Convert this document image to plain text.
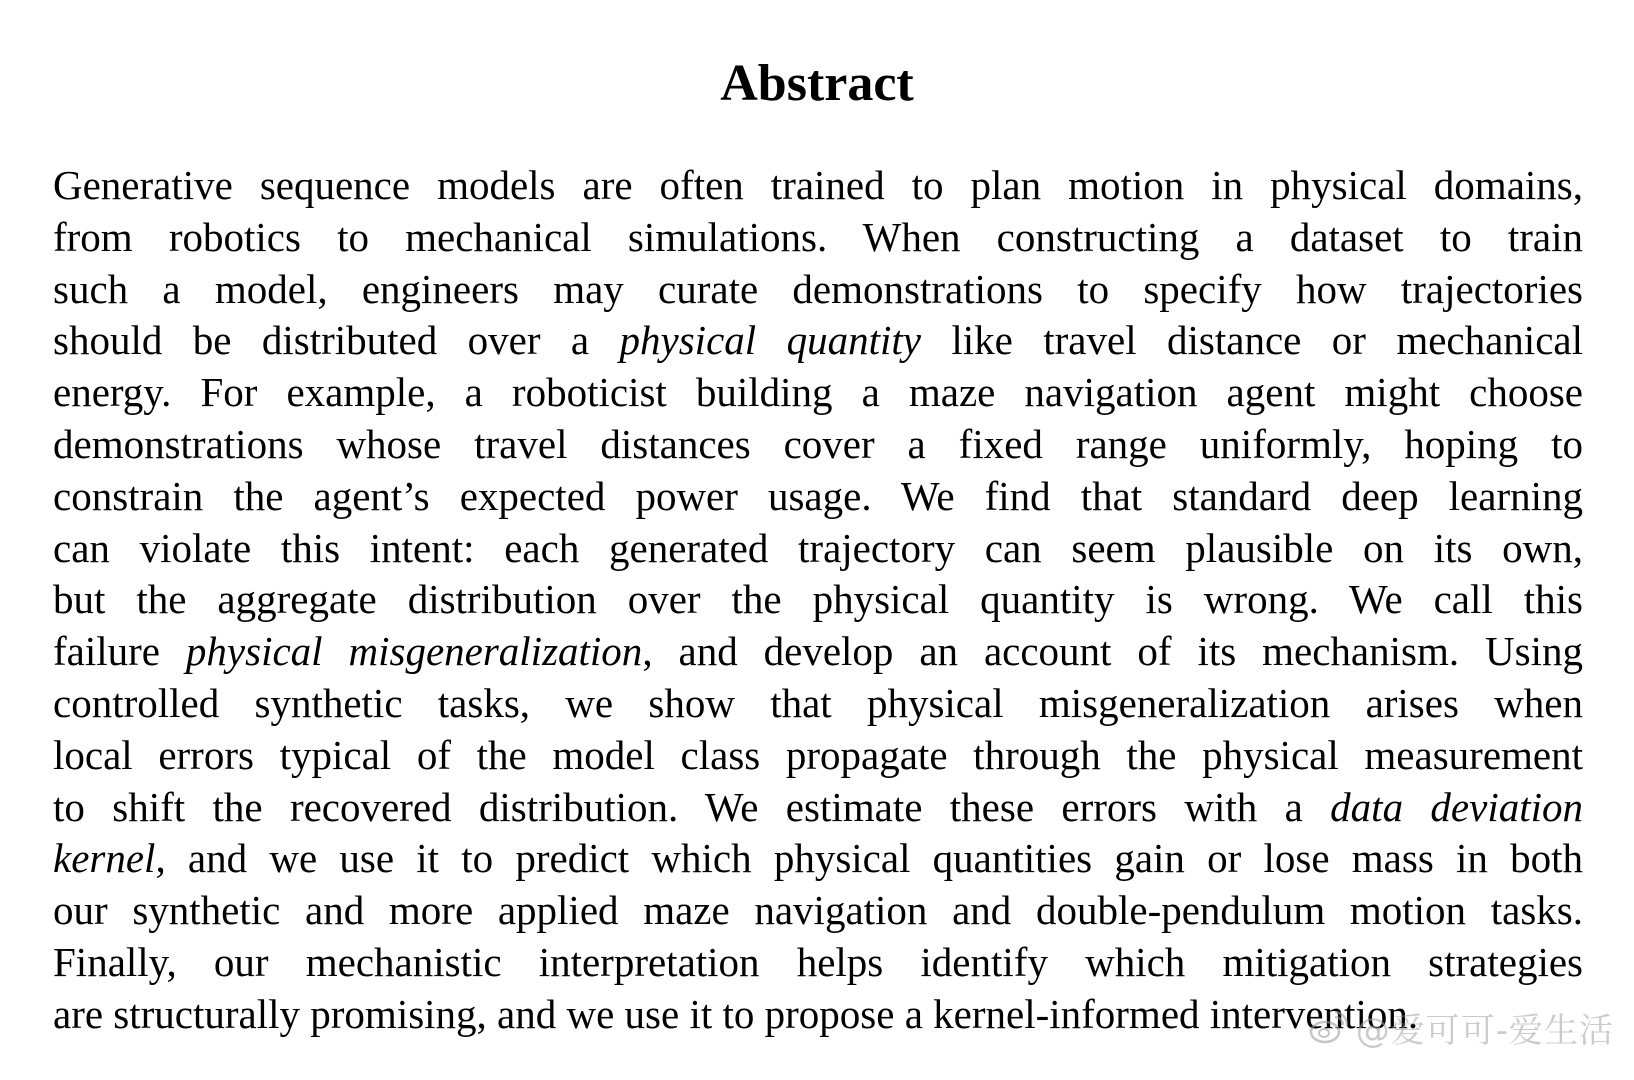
Abstract
Generative sequence models are often trained to plan motion in physical domains,
from robotics to mechanical simulations. When constructing a dataset to train
such a model, engineers may curate demonstrations to specify how trajectories
should be distributed over a physical quantity like travel distance or mechanical
energy. For example, a roboticist building a maze navigation agent might choose
demonstrations whose travel distances cover a fixed range uniformly, hoping to
constrain the agent’s expected power usage. We find that standard deep learning
can violate this intent: each generated trajectory can seem plausible on its own,
but the aggregate distribution over the physical quantity is wrong. We call this
failure physical misgeneralization, and develop an account of its mechanism. Using
controlled synthetic tasks, we show that physical misgeneralization arises when
local errors typical of the model class propagate through the physical measurement
to shift the recovered distribution. We estimate these errors with a data deviation
kernel, and we use it to predict which physical quantities gain or lose mass in both
our synthetic and more applied maze navigation and double-pendulum motion tasks.
Finally, our mechanistic interpretation helps identify which mitigation strategies
are structurally promising, and we use it to propose a kernel-informed intervention.
@爱可可-爱生活
